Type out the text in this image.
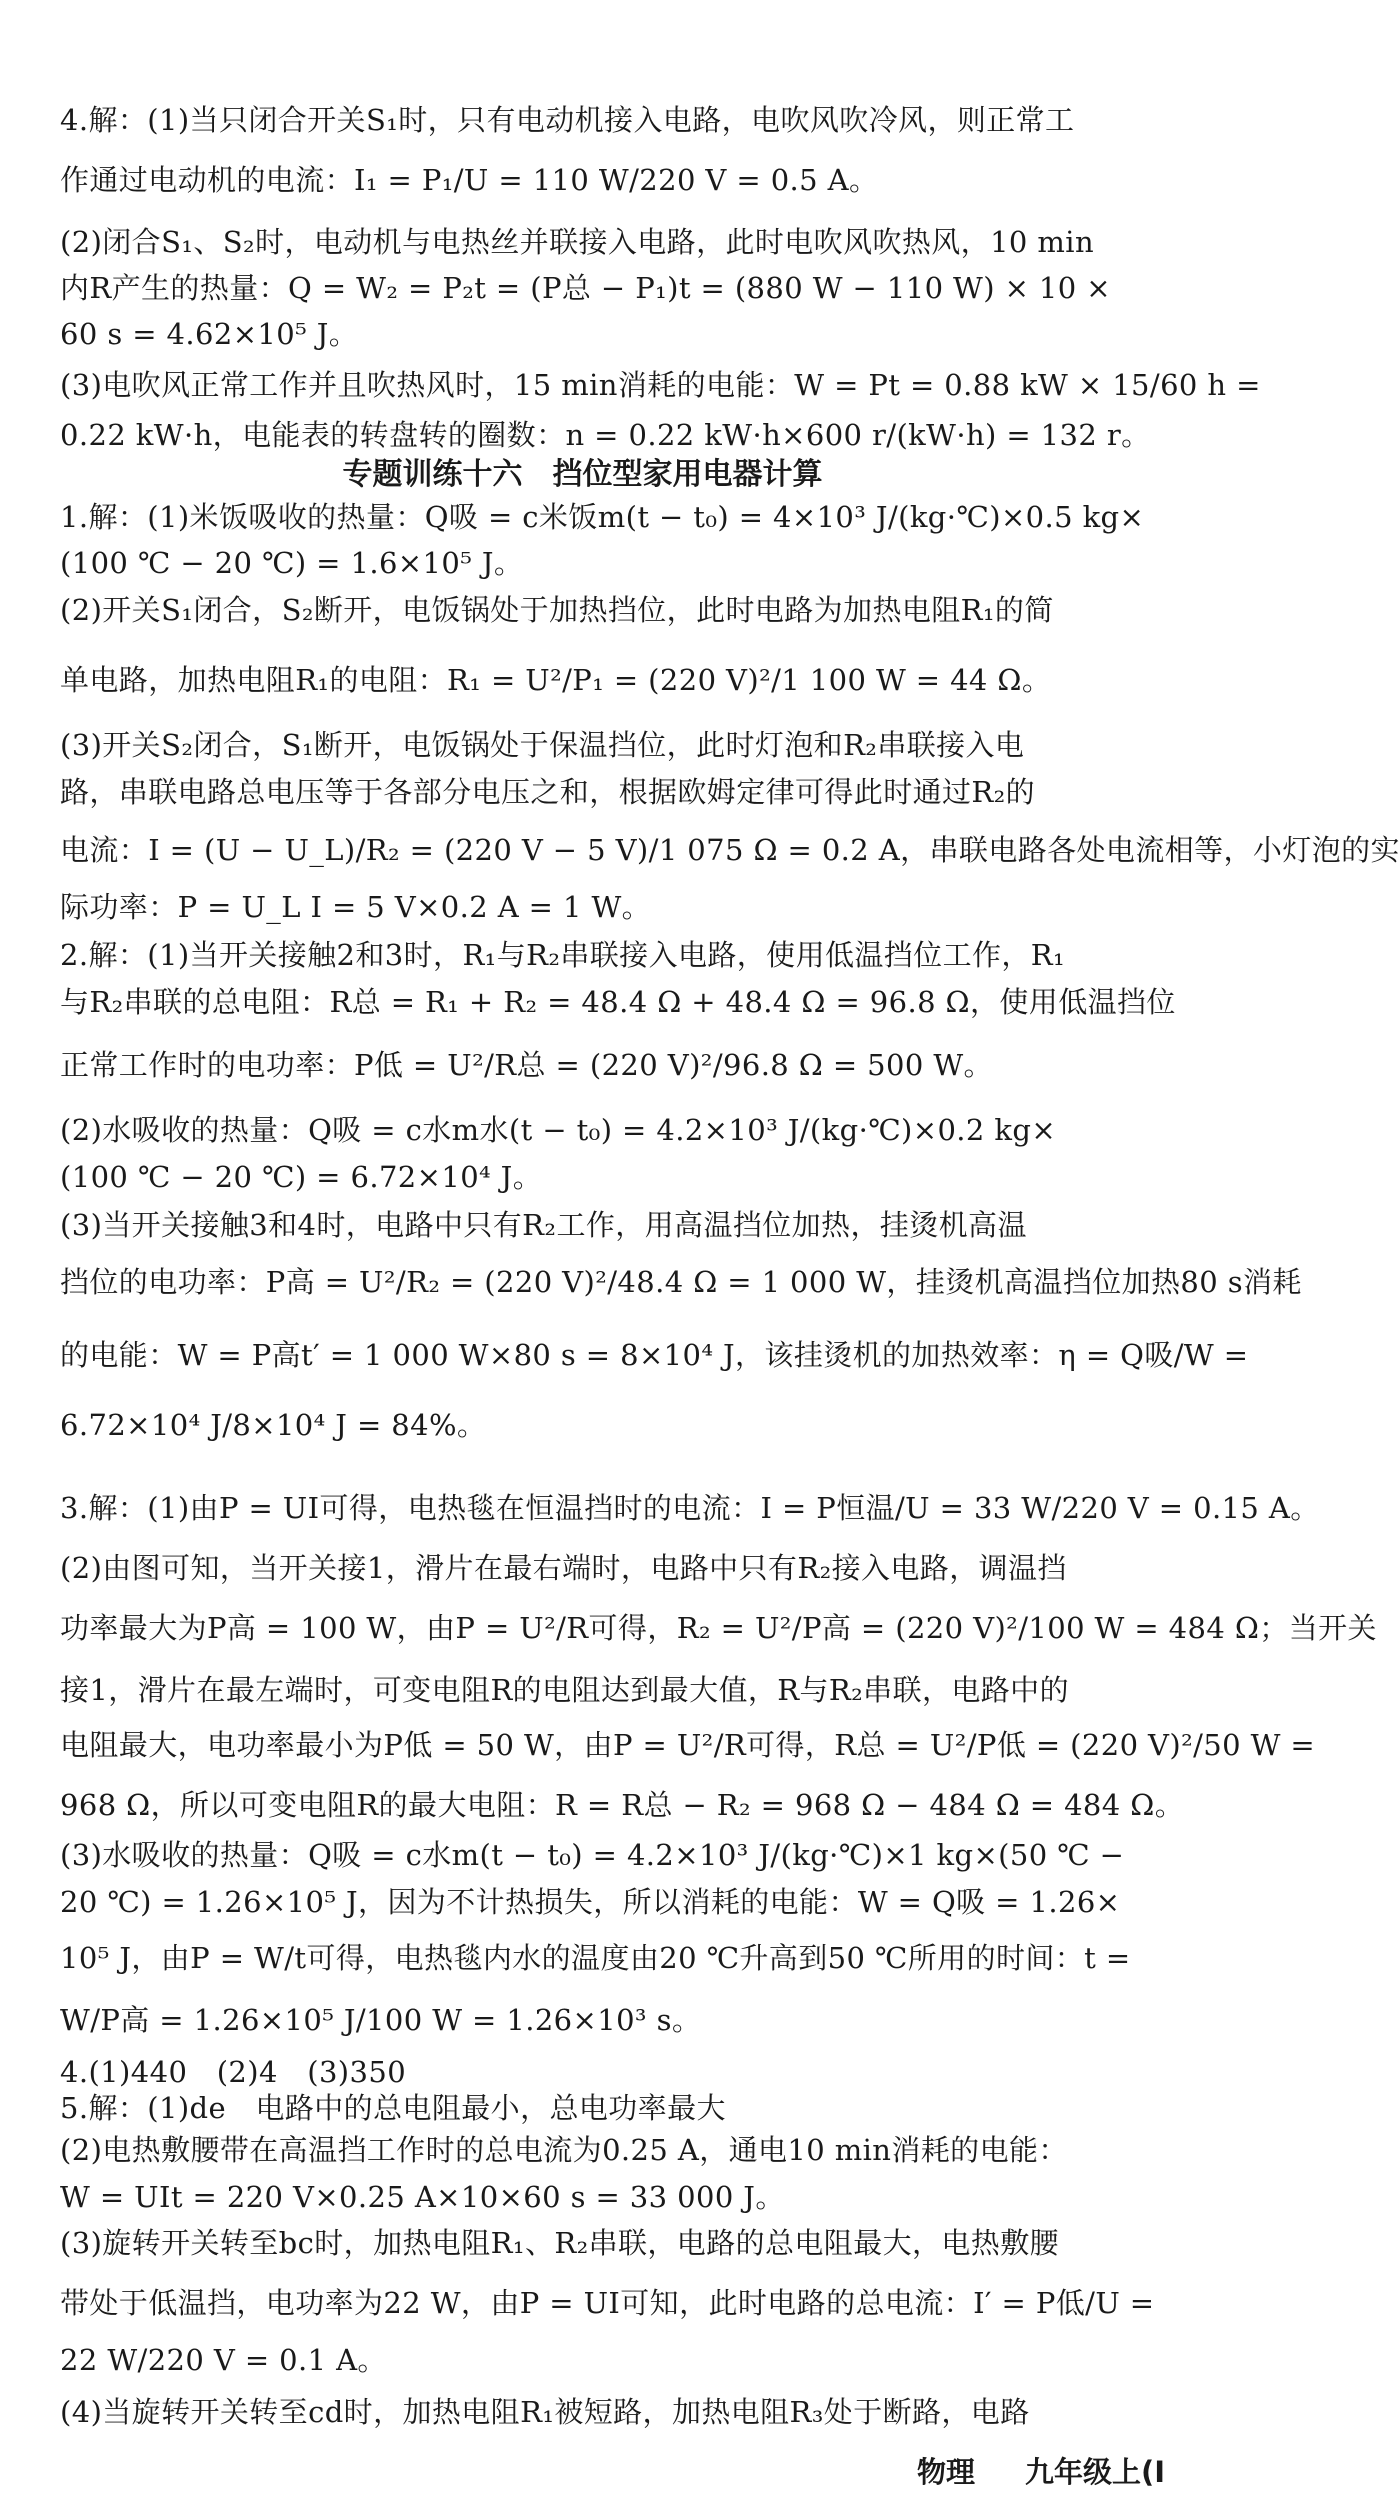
专题训练十六　挡位型家用电器计算
4.解：(1)当只闭合开关S₁时，只有电动机接入电路，电吹风吹冷风，则正常工
作通过电动机的电流：I₁ = P₁/U = 110 W/220 V = 0.5 A。
(2)闭合S₁、S₂时，电动机与电热丝并联接入电路，此时电吹风吹热风，10 min
内R产生的热量：Q = W₂ = P₂t = (P总 − P₁)t = (880 W − 110 W) × 10 ×
60 s = 4.62×10⁵ J。
(3)电吹风正常工作并且吹热风时，15 min消耗的电能：W = Pt = 0.88 kW × 15/60 h =
0.22 kW·h，电能表的转盘转的圈数：n = 0.22 kW·h×600 r/(kW·h) = 132 r。
1.解：(1)米饭吸收的热量：Q吸 = c米饭m(t − t₀) = 4×10³ J/(kg·℃)×0.5 kg×
(100 ℃ − 20 ℃) = 1.6×10⁵ J。
(2)开关S₁闭合，S₂断开，电饭锅处于加热挡位，此时电路为加热电阻R₁的简
单电路，加热电阻R₁的电阻：R₁ = U²/P₁ = (220 V)²/1 100 W = 44 Ω。
(3)开关S₂闭合，S₁断开，电饭锅处于保温挡位，此时灯泡和R₂串联接入电
路，串联电路总电压等于各部分电压之和，根据欧姆定律可得此时通过R₂的
电流：I = (U − U_L)/R₂ = (220 V − 5 V)/1 075 Ω = 0.2 A，串联电路各处电流相等，小灯泡的实
际功率：P = U_L I = 5 V×0.2 A = 1 W。
2.解：(1)当开关接触2和3时，R₁与R₂串联接入电路，使用低温挡位工作，R₁
与R₂串联的总电阻：R总 = R₁ + R₂ = 48.4 Ω + 48.4 Ω = 96.8 Ω，使用低温挡位
正常工作时的电功率：P低 = U²/R总 = (220 V)²/96.8 Ω = 500 W。
(2)水吸收的热量：Q吸 = c水m水(t − t₀) = 4.2×10³ J/(kg·℃)×0.2 kg×
(100 ℃ − 20 ℃) = 6.72×10⁴ J。
(3)当开关接触3和4时，电路中只有R₂工作，用高温挡位加热，挂烫机高温
挡位的电功率：P高 = U²/R₂ = (220 V)²/48.4 Ω = 1 000 W，挂烫机高温挡位加热80 s消耗
的电能：W = P高t′ = 1 000 W×80 s = 8×10⁴ J，该挂烫机的加热效率：η = Q吸/W =
6.72×10⁴ J/8×10⁴ J = 84%。
3.解：(1)由P = UI可得，电热毯在恒温挡时的电流：I = P恒温/U = 33 W/220 V = 0.15 A。
(2)由图可知，当开关接1，滑片在最右端时，电路中只有R₂接入电路，调温挡
功率最大为P高 = 100 W，由P = U²/R可得，R₂ = U²/P高 = (220 V)²/100 W = 484 Ω；当开关
接1，滑片在最左端时，可变电阻R的电阻达到最大值，R与R₂串联，电路中的
电阻最大，电功率最小为P低 = 50 W，由P = U²/R可得，R总 = U²/P低 = (220 V)²/50 W =
968 Ω，所以可变电阻R的最大电阻：R = R总 − R₂ = 968 Ω − 484 Ω = 484 Ω。
(3)水吸收的热量：Q吸 = c水m(t − t₀) = 4.2×10³ J/(kg·℃)×1 kg×(50 ℃ −
20 ℃) = 1.26×10⁵ J，因为不计热损失，所以消耗的电能：W = Q吸 = 1.26×
10⁵ J，由P = W/t可得，电热毯内水的温度由20 ℃升高到50 ℃所用的时间：t =
W/P高 = 1.26×10⁵ J/100 W = 1.26×10³ s。
4.(1)440　(2)4　(3)350
5.解：(1)de　电路中的总电阻最小，总电功率最大
(2)电热敷腰带在高温挡工作时的总电流为0.25 A，通电10 min消耗的电能：
W = UIt = 220 V×0.25 A×10×60 s = 33 000 J。
(3)旋转开关转至bc时，加热电阻R₁、R₂串联，电路的总电阻最大，电热敷腰
带处于低温挡，电功率为22 W，由P = UI可知，此时电路的总电流：I′ = P低/U =
22 W/220 V = 0.1 A。
(4)当旋转开关转至cd时，加热电阻R₁被短路，加热电阻R₃处于断路，电路
物理 九年级上(I
